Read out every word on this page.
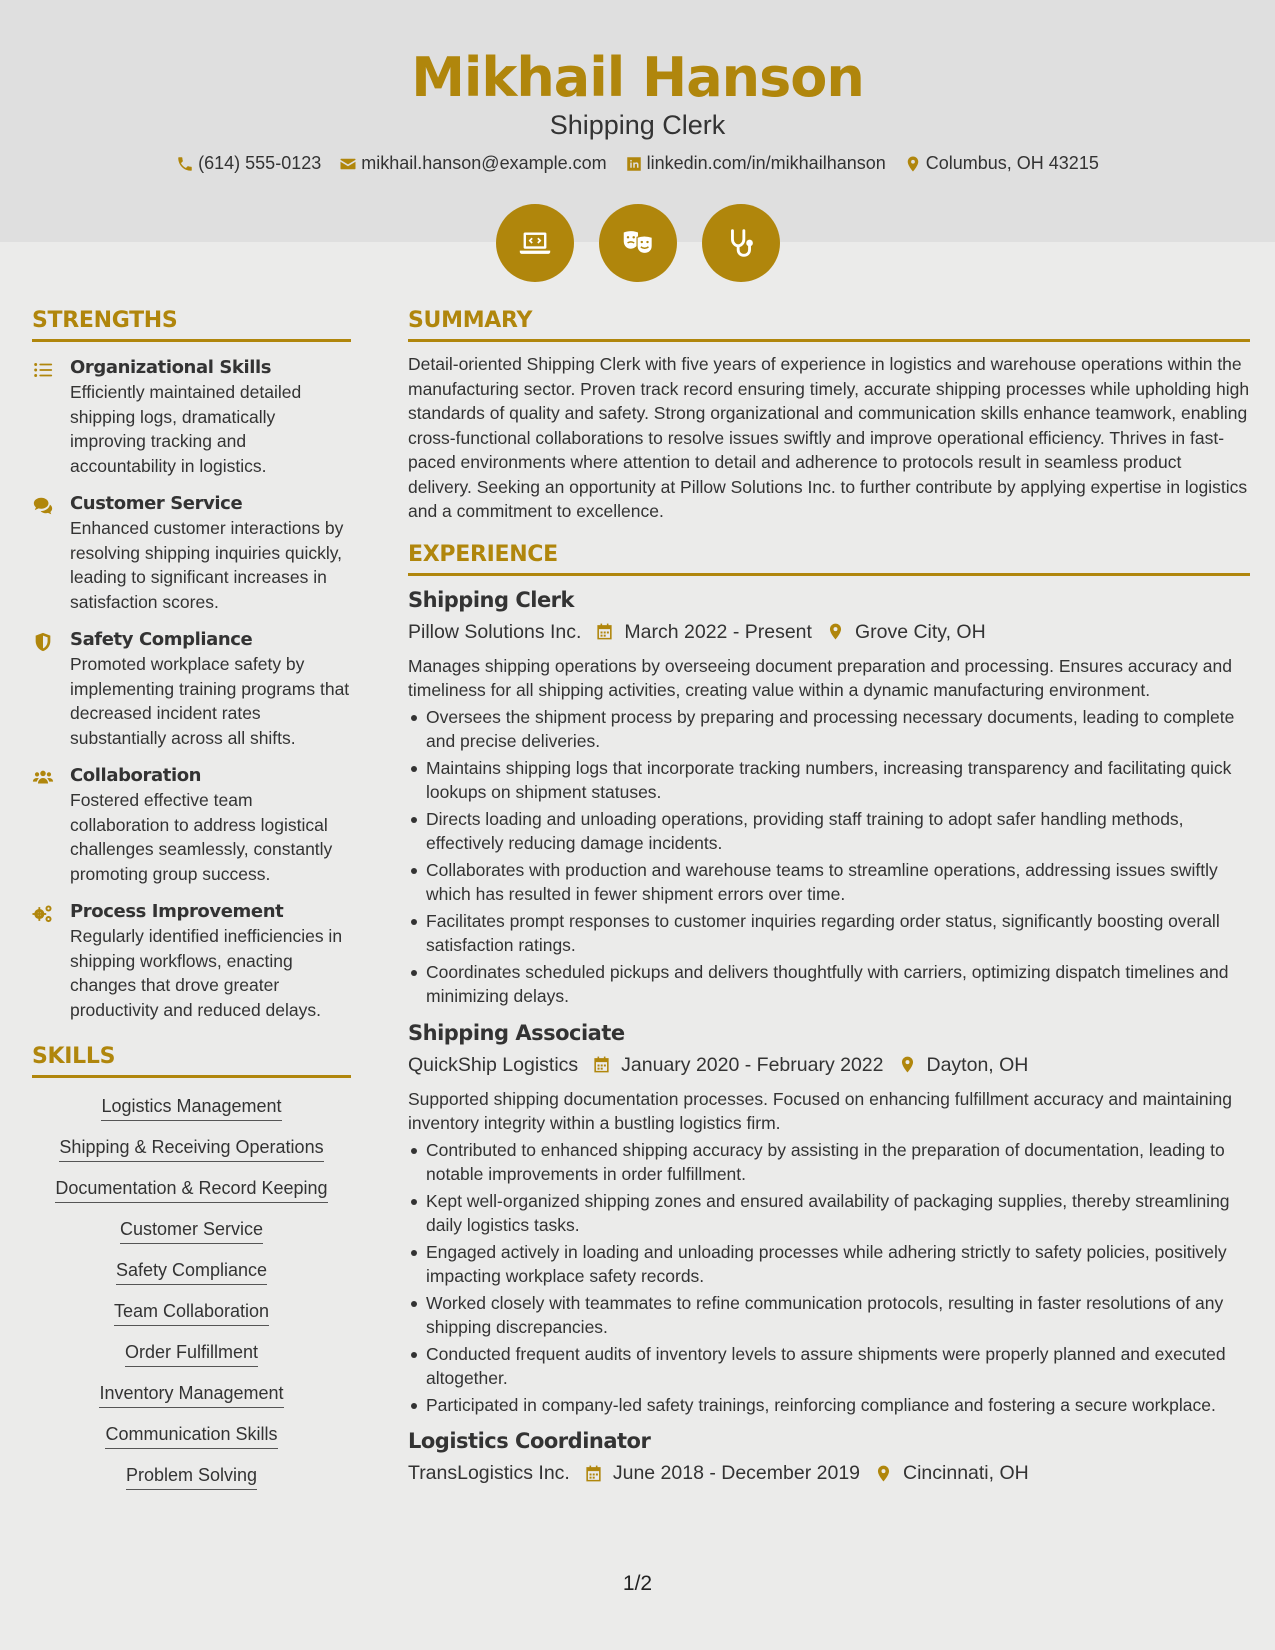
Mikhail Hanson
Shipping Clerk
(614) 555-0123 mikhail.hanson@example.com linkedin.com/in/mikhailhanson Columbus, OH 43215
STRENGTHS
Organizational Skills
Efficiently maintained detailed shipping logs, dramatically improving tracking and accountability in logistics.
Customer Service
Enhanced customer interactions by resolving shipping inquiries quickly, leading to significant increases in satisfaction scores.
Safety Compliance
Promoted workplace safety by implementing training programs that decreased incident rates substantially across all shifts.
Collaboration
Fostered effective team collaboration to address logistical challenges seamlessly, constantly promoting group success.
Process Improvement
Regularly identified inefficiencies in shipping workflows, enacting changes that drove greater productivity and reduced delays.
SKILLS
Logistics Management
Shipping & Receiving Operations
Documentation & Record Keeping
Customer Service
Safety Compliance
Team Collaboration
Order Fulfillment
Inventory Management
Communication Skills
Problem Solving
SUMMARY
Detail-oriented Shipping Clerk with five years of experience in logistics and warehouse operations within the manufacturing sector. Proven track record ensuring timely, accurate shipping processes while upholding high standards of quality and safety. Strong organizational and communication skills enhance teamwork, enabling cross-functional collaborations to resolve issues swiftly and improve operational efficiency. Thrives in fast-paced environments where attention to detail and adherence to protocols result in seamless product delivery. Seeking an opportunity at Pillow Solutions Inc. to further contribute by applying expertise in logistics and a commitment to excellence.
EXPERIENCE
Shipping Clerk
Pillow Solutions Inc. March 2022 - Present Grove City, OH
Manages shipping operations by overseeing document preparation and processing. Ensures accuracy and timeliness for all shipping activities, creating value within a dynamic manufacturing environment.
Oversees the shipment process by preparing and processing necessary documents, leading to complete and precise deliveries.
Maintains shipping logs that incorporate tracking numbers, increasing transparency and facilitating quick lookups on shipment statuses.
Directs loading and unloading operations, providing staff training to adopt safer handling methods, effectively reducing damage incidents.
Collaborates with production and warehouse teams to streamline operations, addressing issues swiftly which has resulted in fewer shipment errors over time.
Facilitates prompt responses to customer inquiries regarding order status, significantly boosting overall satisfaction ratings.
Coordinates scheduled pickups and delivers thoughtfully with carriers, optimizing dispatch timelines and minimizing delays.
Shipping Associate
QuickShip Logistics January 2020 - February 2022 Dayton, OH
Supported shipping documentation processes. Focused on enhancing fulfillment accuracy and maintaining inventory integrity within a bustling logistics firm.
Contributed to enhanced shipping accuracy by assisting in the preparation of documentation, leading to notable improvements in order fulfillment.
Kept well-organized shipping zones and ensured availability of packaging supplies, thereby streamlining daily logistics tasks.
Engaged actively in loading and unloading processes while adhering strictly to safety policies, positively impacting workplace safety records.
Worked closely with teammates to refine communication protocols, resulting in faster resolutions of any shipping discrepancies.
Conducted frequent audits of inventory levels to assure shipments were properly planned and executed altogether.
Participated in company-led safety trainings, reinforcing compliance and fostering a secure workplace.
Logistics Coordinator
TransLogistics Inc. June 2018 - December 2019 Cincinnati, OH
1/2
